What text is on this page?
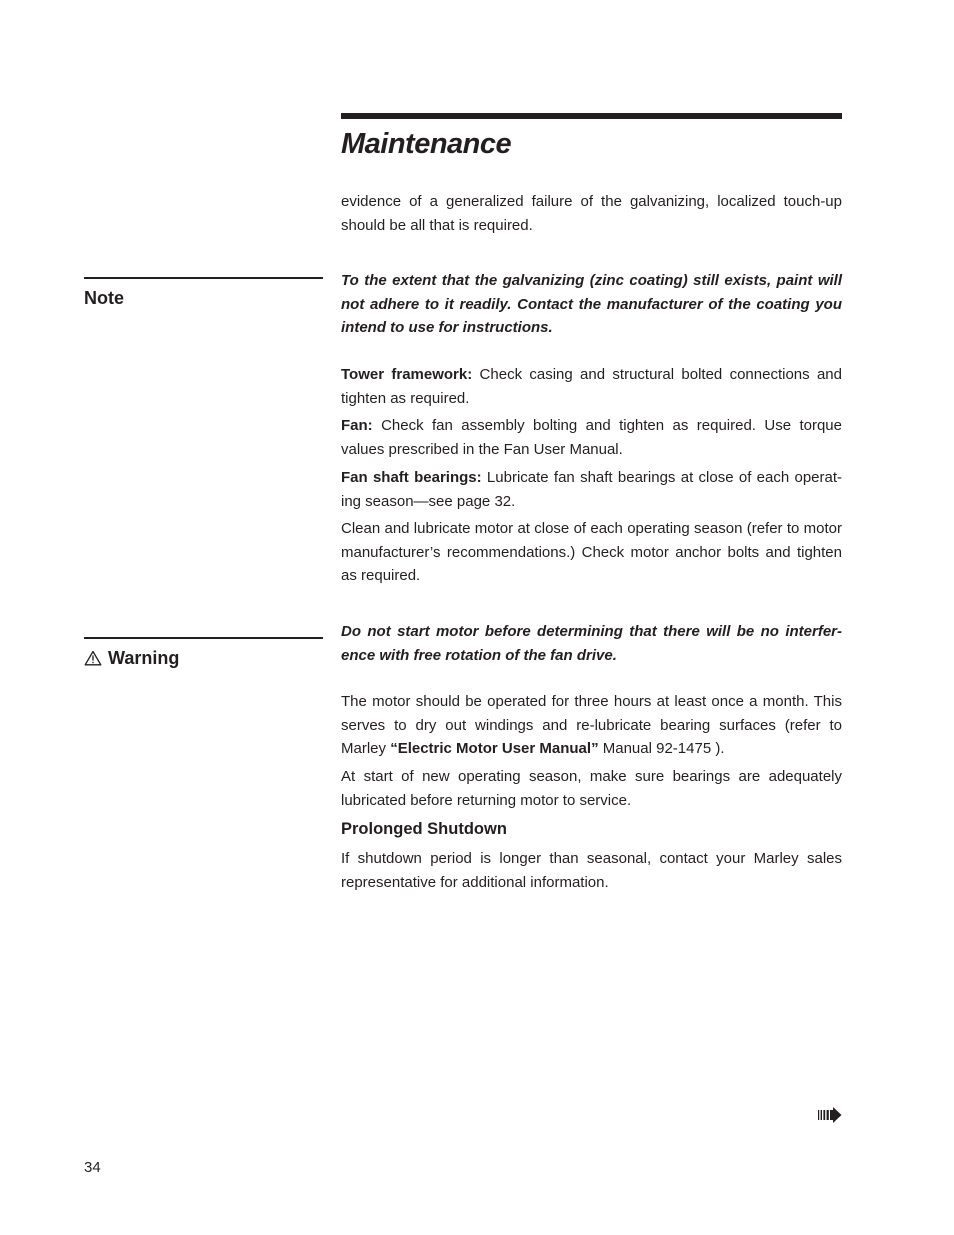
Maintenance

evidence of a generalized failure of the galvanizing, localized touch-up should be all that is required.

Note

To the extent that the galvanizing (zinc coating) still exists, paint will not adhere to it readily. Contact the manufacturer of the coating you intend to use for instructions.

Tower framework: Check casing and structural bolted connections and tighten as required.

Fan: Check fan assembly bolting and tighten as required. Use torque values prescribed in the Fan User Manual.

Fan shaft bearings: Lubricate fan shaft bearings at close of each operat-ing season—see page 32.

Clean and lubricate motor at close of each operating season (refer to motor manufacturer’s recommendations.) Check motor anchor bolts and tighten as required.

Warning

Do not start motor before determining that there will be no interfer-ence with free rotation of the fan drive.

The motor should be operated for three hours at least once a month. This serves to dry out windings and re-lubricate bearing surfaces (refer to Marley “Electric Motor User Manual” Manual 92-1475 ).

At start of new operating season, make sure bearings are adequately lubricated before returning motor to service.

Prolonged Shutdown

If shutdown period is longer than seasonal, contact your Marley sales representative for additional information.

34
